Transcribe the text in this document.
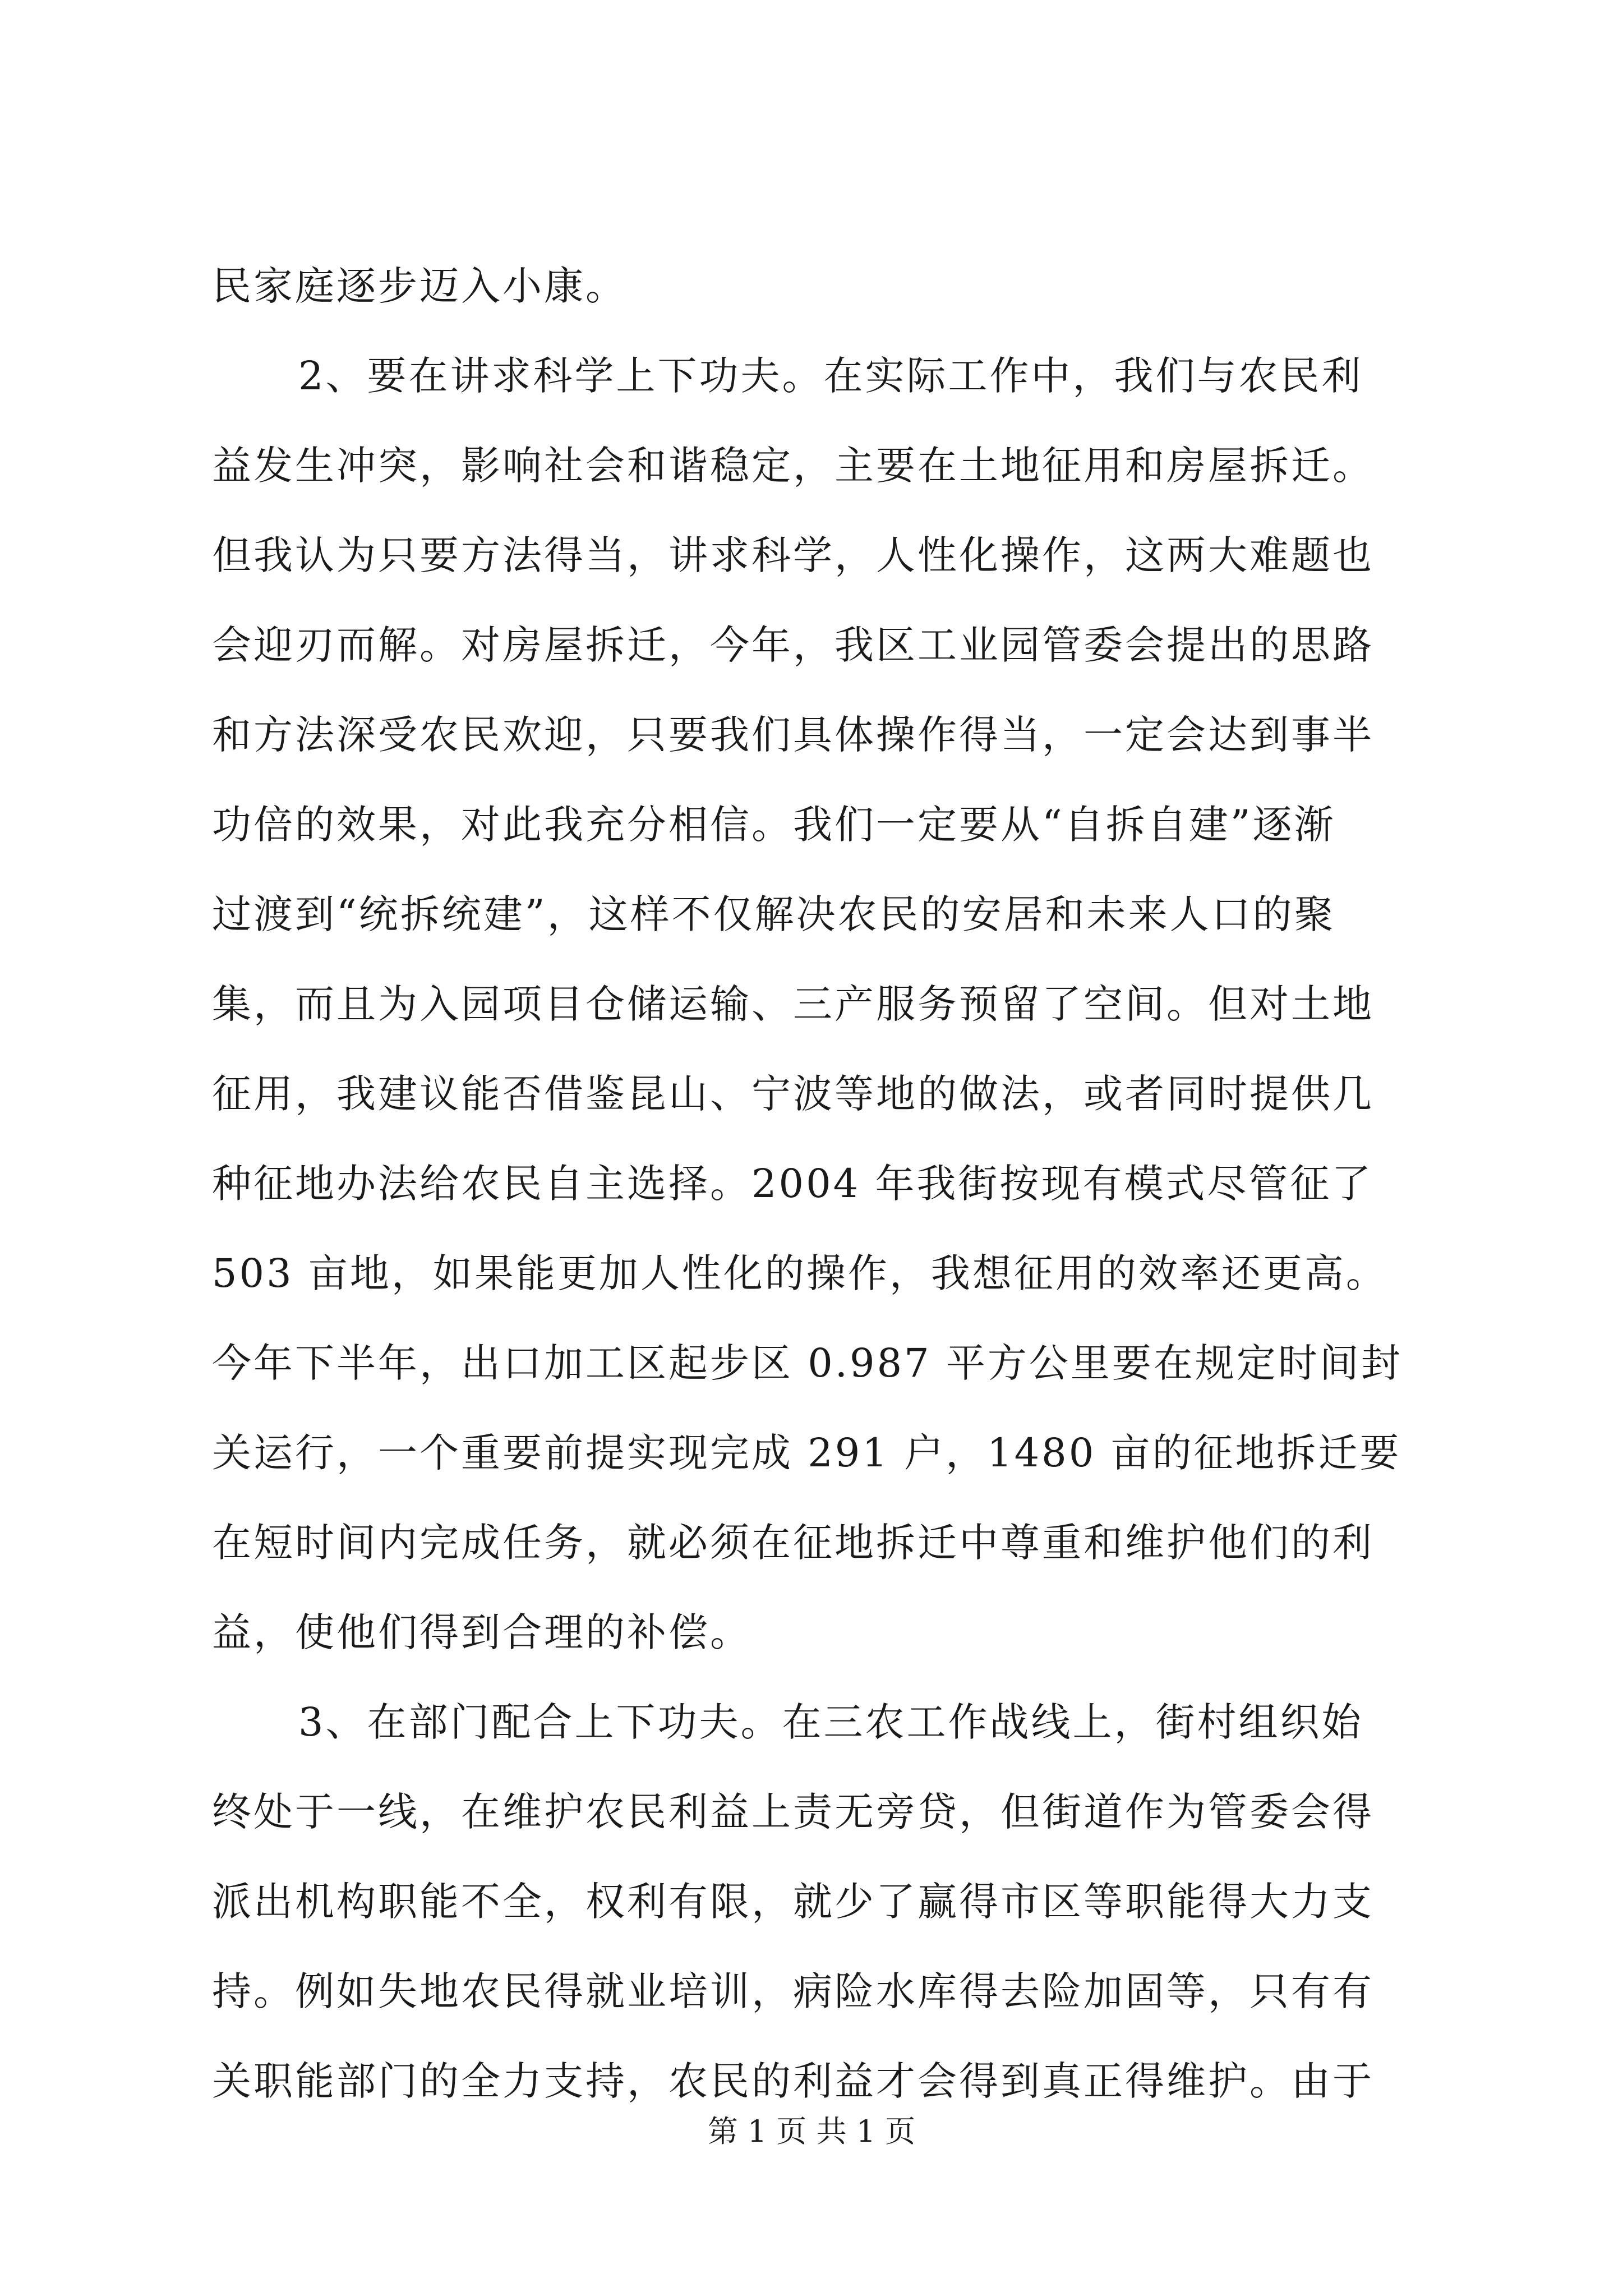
民家庭逐步迈入小康。
2、要在讲求科学上下功夫。在实际工作中，我们与农民利
益发生冲突，影响社会和谐稳定，主要在土地征用和房屋拆迁。
但我认为只要方法得当，讲求科学，人性化操作，这两大难题也
会迎刃而解。对房屋拆迁，今年，我区工业园管委会提出的思路
和方法深受农民欢迎，只要我们具体操作得当，一定会达到事半
功倍的效果，对此我充分相信。我们一定要从“自拆自建”逐渐
过渡到“统拆统建”，这样不仅解决农民的安居和未来人口的聚
集，而且为入园项目仓储运输、三产服务预留了空间。但对土地
征用，我建议能否借鉴昆山、宁波等地的做法，或者同时提供几
种征地办法给农民自主选择。2004 年我街按现有模式尽管征了
503 亩地，如果能更加人性化的操作，我想征用的效率还更高。
今年下半年，出口加工区起步区 0.987 平方公里要在规定时间封
关运行，一个重要前提实现完成 291 户，1480 亩的征地拆迁要
在短时间内完成任务，就必须在征地拆迁中尊重和维护他们的利
益，使他们得到合理的补偿。
3、在部门配合上下功夫。在三农工作战线上，街村组织始
终处于一线，在维护农民利益上责无旁贷，但街道作为管委会得
派出机构职能不全，权利有限，就少了赢得市区等职能得大力支
持。例如失地农民得就业培训，病险水库得去险加固等，只有有
关职能部门的全力支持，农民的利益才会得到真正得维护。由于
第 1 页 共 1 页
